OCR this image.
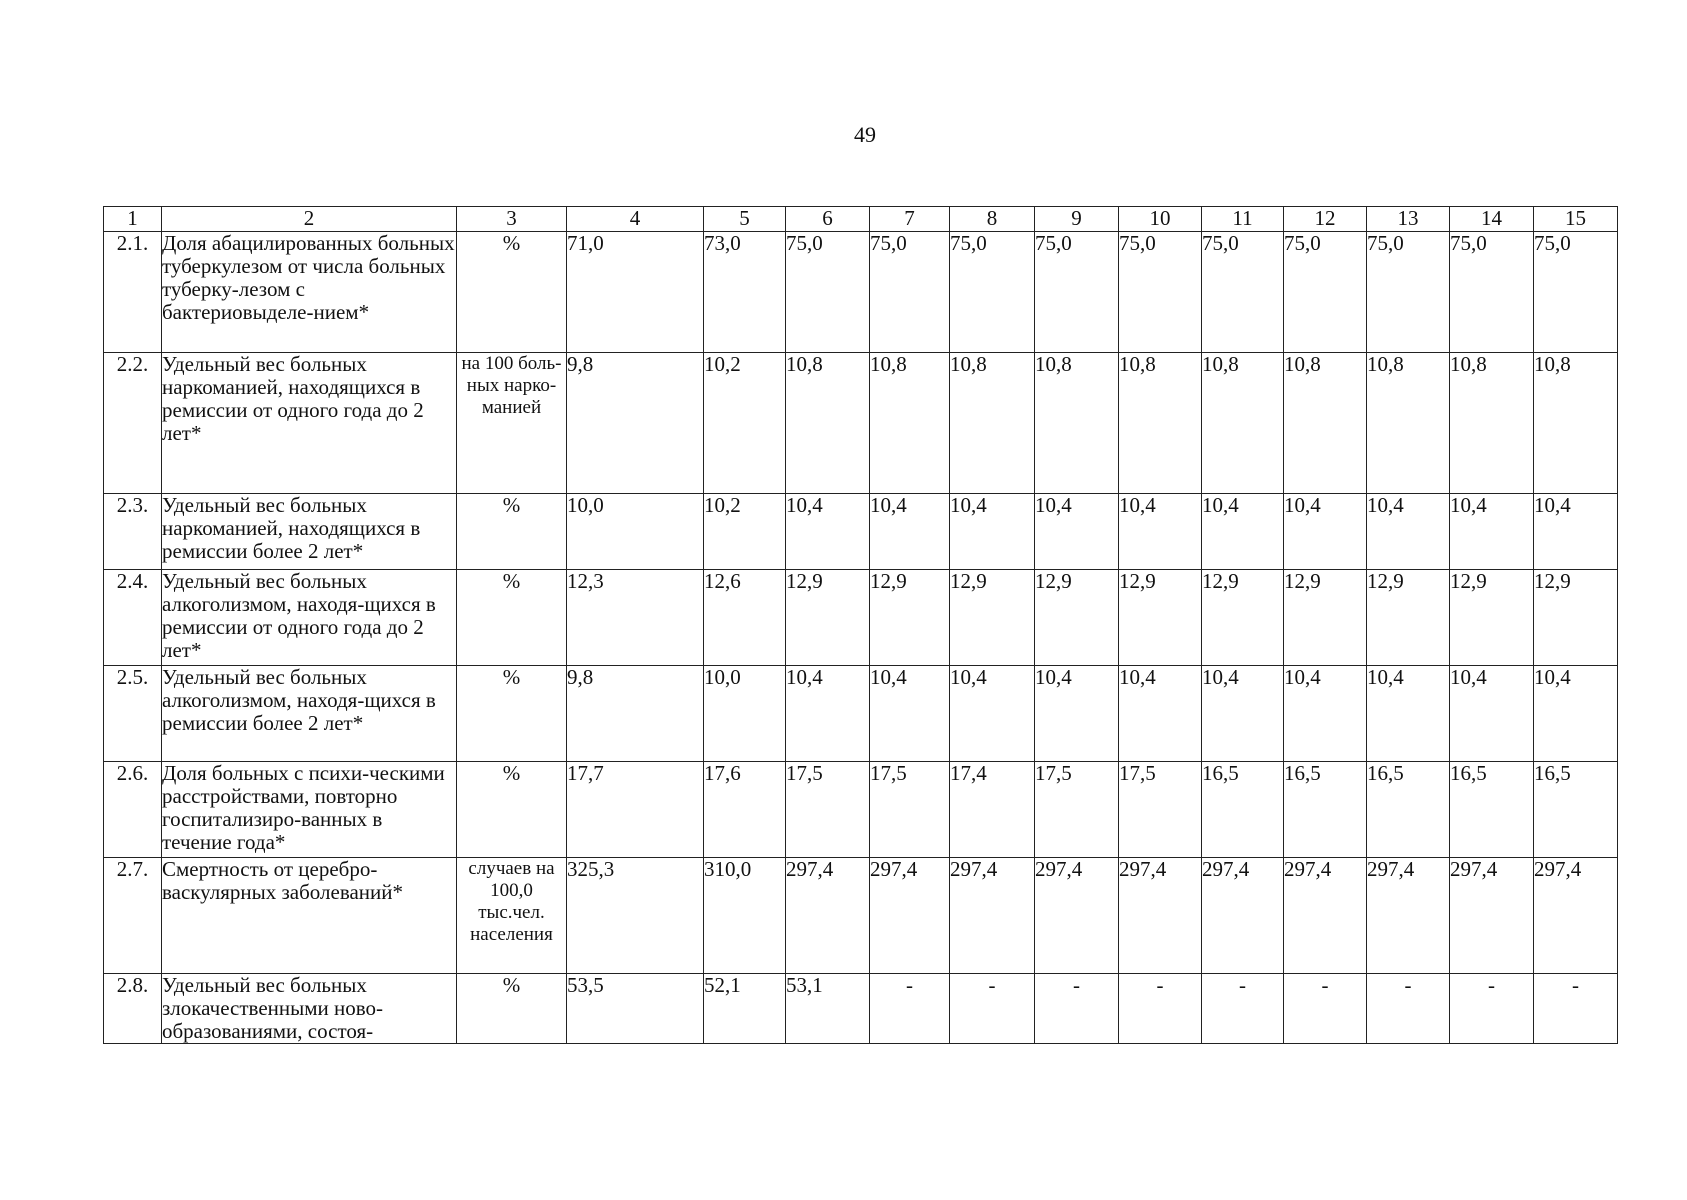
49
1	2	3	4	5	6	7	8	9	10	11	12	13	14	15
2.1.	Доля абацилированных больных туберкулезом от числа больных туберку-лезом с бактериовыделе-нием*	%	71,0	73,0	75,0	75,0	75,0	75,0	75,0	75,0	75,0	75,0	75,0	75,0
2.2.	Удельный вес больных наркоманией, находящихся в ремиссии от одного года до 2 лет*	на 100 боль-ных нарко-манией	9,8	10,2	10,8	10,8	10,8	10,8	10,8	10,8	10,8	10,8	10,8	10,8
2.3.	Удельный вес больных наркоманией, находящихся в ремиссии более 2 лет*	%	10,0	10,2	10,4	10,4	10,4	10,4	10,4	10,4	10,4	10,4	10,4	10,4
2.4.	Удельный вес больных алкоголизмом, находя-щихся в ремиссии от одного года до 2 лет*	%	12,3	12,6	12,9	12,9	12,9	12,9	12,9	12,9	12,9	12,9	12,9	12,9
2.5.	Удельный вес больных алкоголизмом, находя-щихся в ремиссии более 2 лет*	%	9,8	10,0	10,4	10,4	10,4	10,4	10,4	10,4	10,4	10,4	10,4	10,4
2.6.	Доля больных с психи-ческими расстройствами, повторно госпитализиро-ванных в течение года*	%	17,7	17,6	17,5	17,5	17,4	17,5	17,5	16,5	16,5	16,5	16,5	16,5
2.7.	Смертность от церебро-васкулярных заболеваний*	случаев на 100,0 тыс.чел. населения	325,3	310,0	297,4	297,4	297,4	297,4	297,4	297,4	297,4	297,4	297,4	297,4
2.8.	Удельный вес больных злокачественными ново-образованиями, состоя-	%	53,5	52,1	53,1	-	-	-	-	-	-	-	-	-
